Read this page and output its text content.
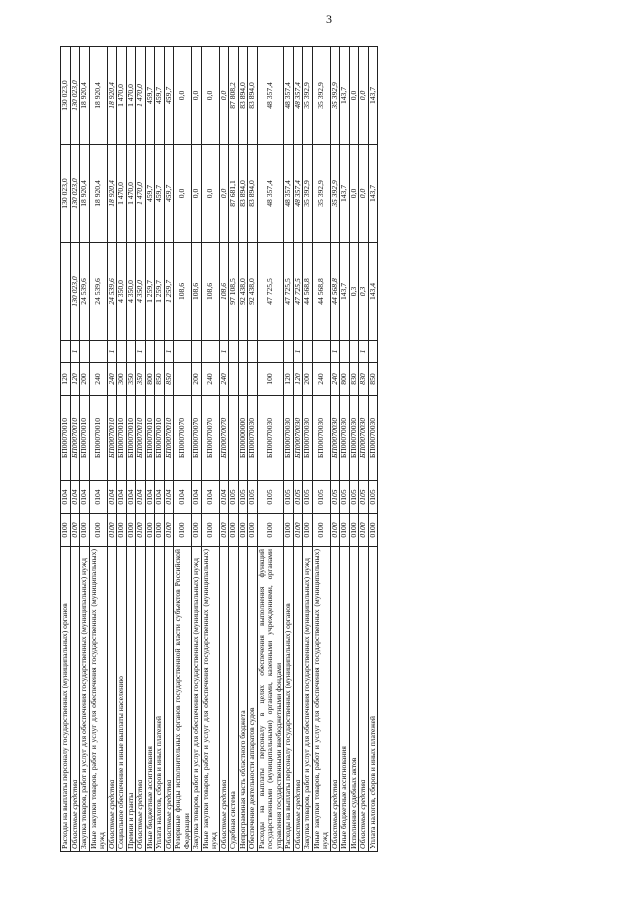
3
Расходы на выплаты персоналу государственных (муниципальных) органов	0100	0104	БП00070010	120			130 023,0	130 023,0
Областные средства	0100	0104	БП00070010	120	1	130 023,0	130 023,0	130 023,0
Закупка товаров, работ и услуг для обеспечения государственных (муниципальных) нужд	0100	0104	БП00070010	200		24 539,6	18 920,4	18 920,4
Иные закупки товаров, работ и услуг для обеспечения государственных (муниципальных) нужд	0100	0104	БП00070010	240		24 539,6	18 920,4	18 920,4
Областные средства	0100	0104	БП00070010	240	1	24 539,6	18 920,4	18 920,4
Социальное обеспечение и иные выплаты населению	0100	0104	БП00070010	300		4 350,0	1 470,0	1 470,0
Премии и гранты	0100	0104	БП00070010	350		4 350,0	1 470,0	1 470,0
Областные средства	0100	0104	БП00070010	350	1	4 350,0	1 470,0	1 470,0
Иные бюджетные ассигнования	0100	0104	БП00070010	800		1 259,7	459,7	459,7
Уплата налогов, сборов и иных платежей	0100	0104	БП00070010	850		1 259,7	459,7	459,7
Областные средства	0100	0104	БП00070010	850	1	1 259,7	459,7	459,7
Резервные фонды исполнительных органов государственной власти субъектов Российской Федерации	0100	0104	БП00070070			108,6	0,0	0,0
Закупка товаров, работ и услуг для обеспечения государственных (муниципальных) нужд	0100	0104	БП00070070	200		108,6	0,0	0,0
Иные закупки товаров, работ и услуг для обеспечения государственных (муниципальных) нужд	0100	0104	БП00070070	240		108,6	0,0	0,0
Областные средства	0100	0104	БП00070070	240	1	108,6	0,0	0,0
Судебная система	0100	0105				97 108,5	87 681,1	87 808,2
Непрограммная часть областного бюджета	0100	0105	БП00000000			92 438,0	83 894,0	83 894,0
Обеспечение деятельности аппаратов судов	0100	0105	БП00070030			92 438,0	83 894,0	83 894,0
Расходы на выплаты персоналу в целях обеспечения выполнения функций государственными (муниципальными) органами, казенными учреждениями, органами управления государственными внебюджетными фондами	0100	0105	БП00070030	100		47 725,5	48 357,4	48 357,4
Расходы на выплаты персоналу государственных (муниципальных) органов	0100	0105	БП00070030	120		47 725,5	48 357,4	48 357,4
Областные средства	0100	0105	БП00070030	120	1	47 725,5	48 357,4	48 357,4
Закупка товаров, работ и услуг для обеспечения государственных (муниципальных) нужд	0100	0105	БП00070030	200		44 568,8	35 392,9	35 392,9
Иные закупки товаров, работ и услуг для обеспечения государственных (муниципальных) нужд	0100	0105	БП00070030	240		44 568,8	35 392,9	35 392,9
Областные средства	0100	0105	БП00070030	240	1	44 568,8	35 392,9	35 392,9
Иные бюджетные ассигнования	0100	0105	БП00070030	800		143,7	143,7	143,7
Исполнение судебных актов	0100	0105	БП00070030	830		0,3	0,0	0,0
Областные средства	0100	0105	БП00070030	830	1	0,3	0,0	0,0
Уплата налогов, сборов и иных платежей	0100	0105	БП00070030	850		143,4	143,7	143,7
